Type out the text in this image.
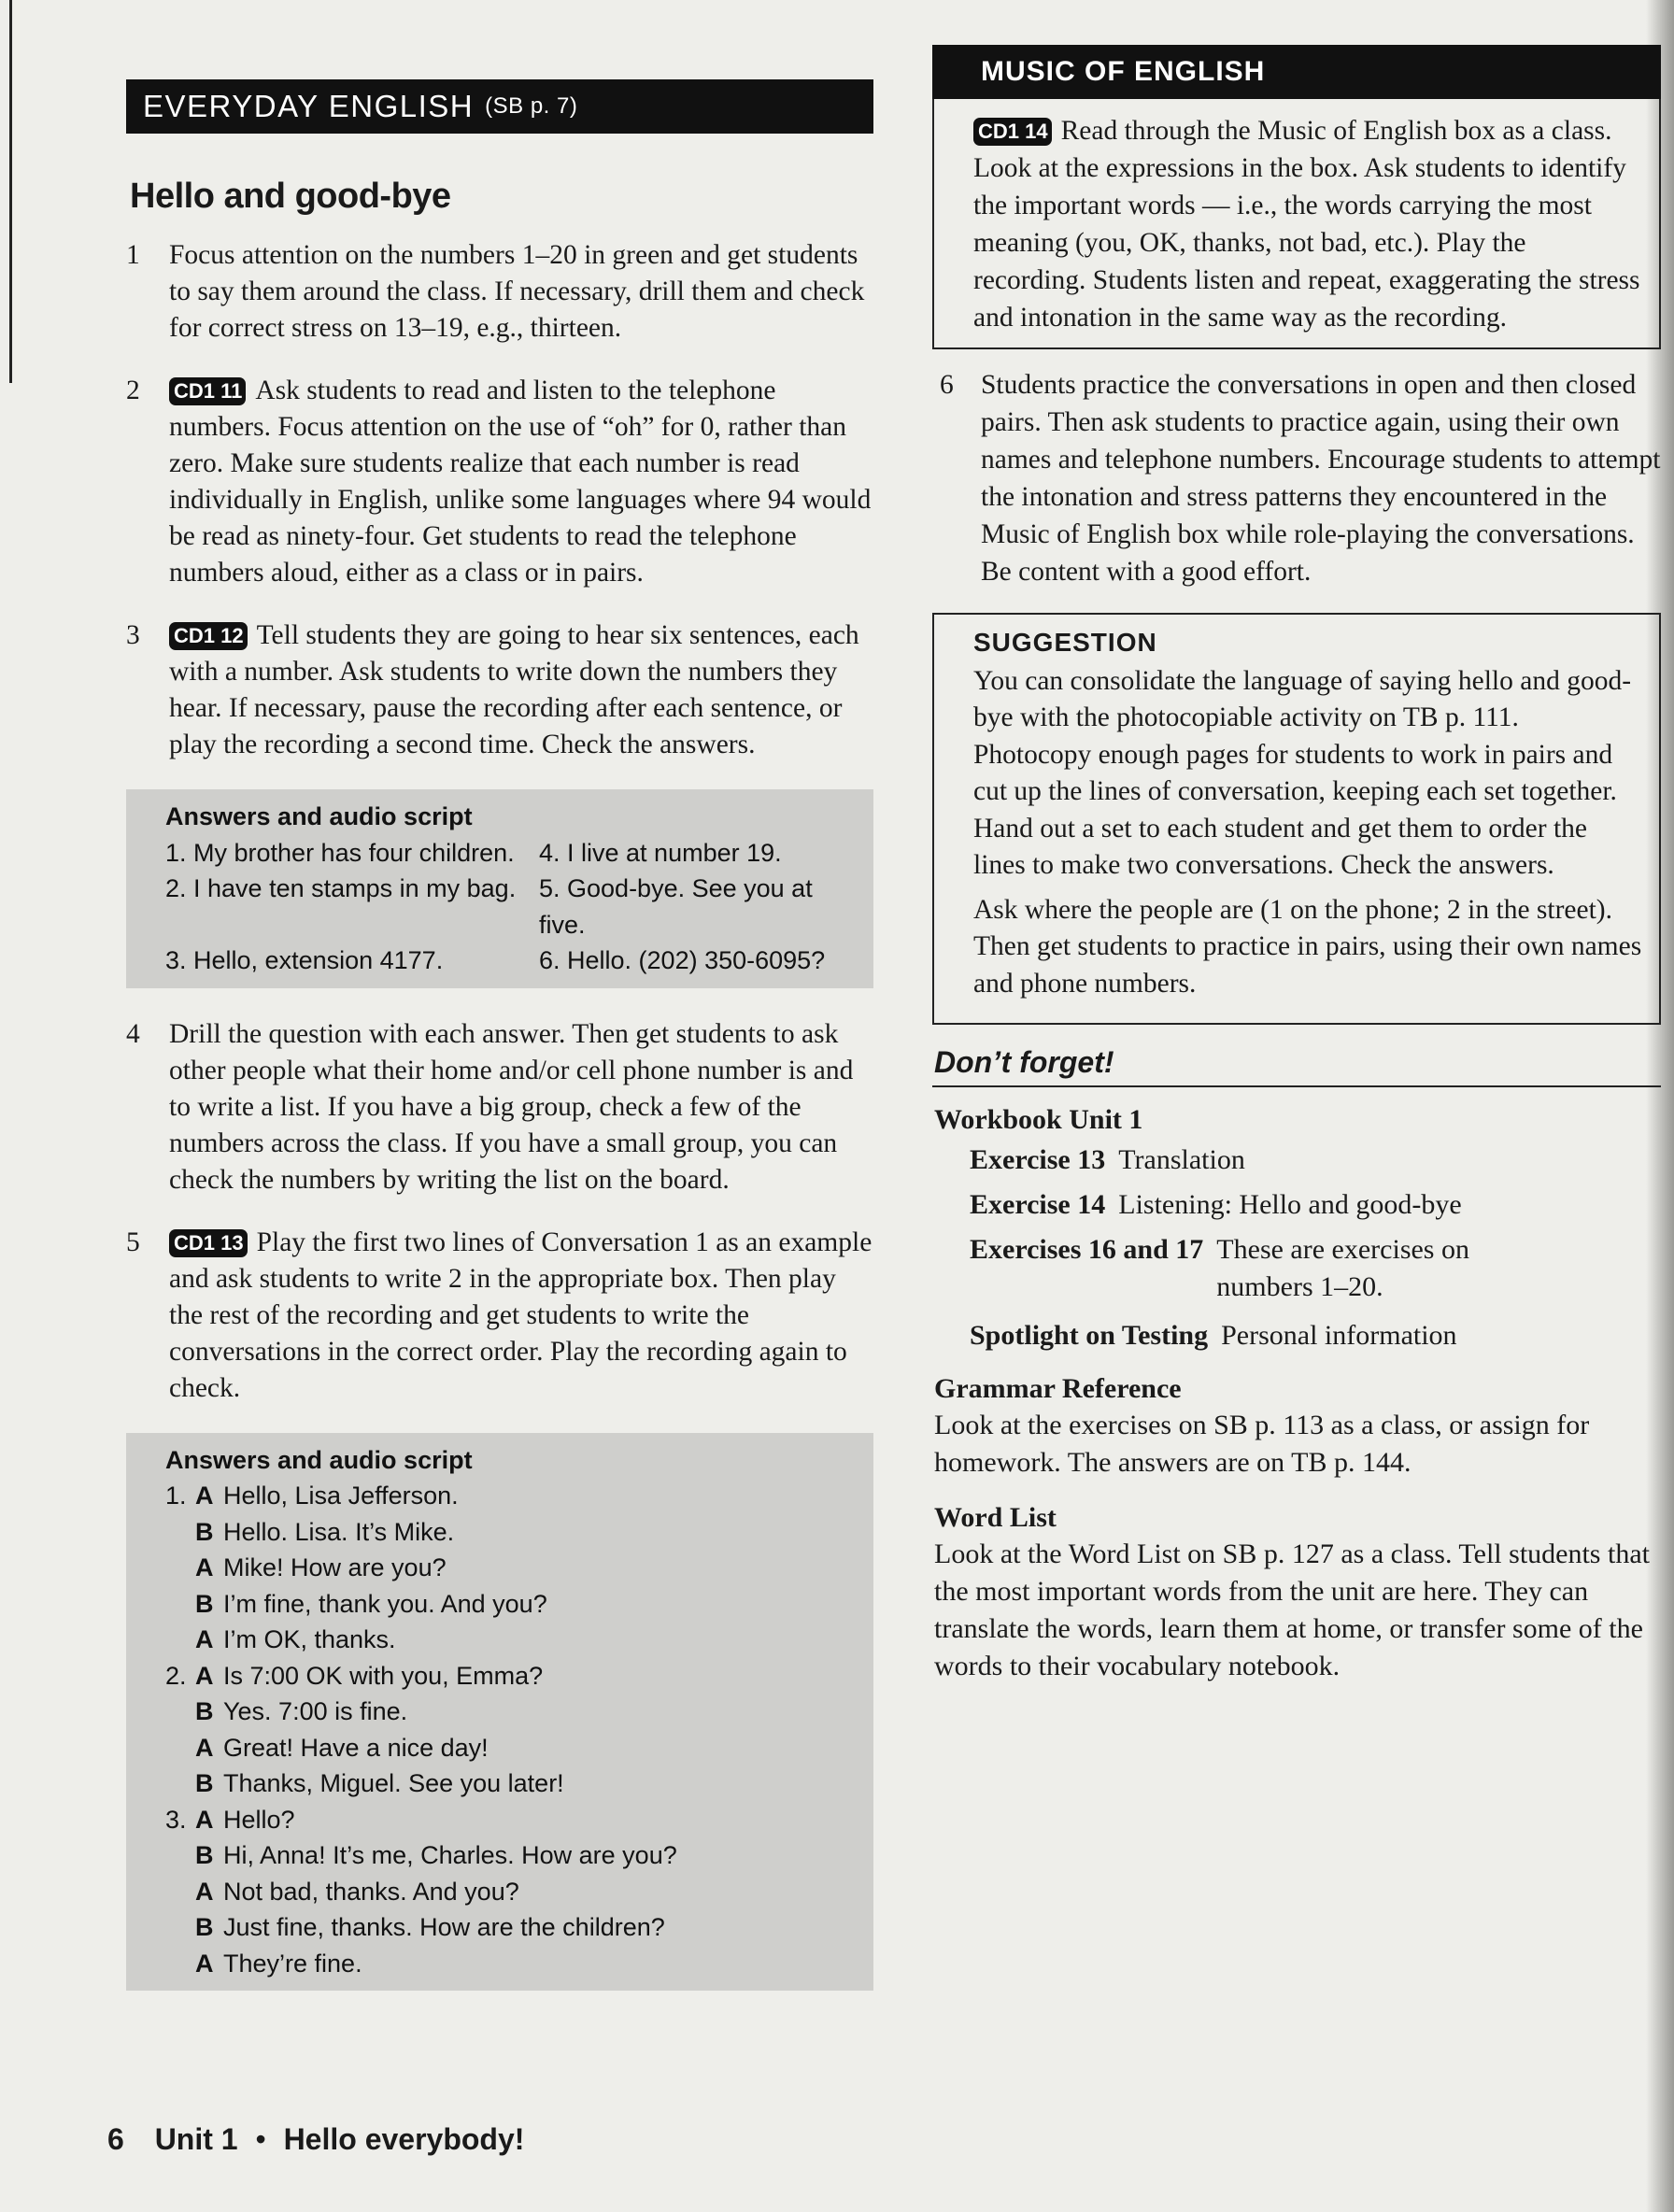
EVERYDAY ENGLISH (SB p. 7)
Hello and good-bye
1	Focus attention on the numbers 1–20 in green and get students to say them around the class. If necessary, drill them and check for correct stress on 13–19, e.g., thirteen.
2	CD1 11 Ask students to read and listen to the telephone numbers. Focus attention on the use of “oh” for 0, rather than zero. Make sure students realize that each number is read individually in English, unlike some languages where 94 would be read as ninety-four. Get students to read the telephone numbers aloud, either as a class or in pairs.
3	CD1 12 Tell students they are going to hear six sentences, each with a number. Ask students to write down the numbers they hear. If necessary, pause the recording after each sentence, or play the recording a second time. Check the answers.
Answers and audio script
1. My brother has four children. 4. I live at number 19.
2. I have ten stamps in my bag. 5. Good-bye. See you at five.
3. Hello, extension 4177.	6. Hello. (202) 350-6095?
4	Drill the question with each answer. Then get students to ask other people what their home and/or cell phone number is and to write a list. If you have a big group, check a few of the numbers across the class. If you have a small group, you can check the numbers by writing the list on the board.
5	CD1 13 Play the first two lines of Conversation 1 as an example and ask students to write 2 in the appropriate box. Then play the rest of the recording and get students to write the conversations in the correct order. Play the recording again to check.
Answers and audio script
1. A Hello, Lisa Jefferson.
B Hello. Lisa. It’s Mike.
A Mike! How are you?
B I’m fine, thank you. And you?
A I’m OK, thanks.
2. A Is 7:00 OK with you, Emma?
B Yes. 7:00 is fine.
A Great! Have a nice day!
B Thanks, Miguel. See you later!
3. A Hello?
B Hi, Anna! It’s me, Charles. How are you?
A Not bad, thanks. And you?
B Just fine, thanks. How are the children?
A They’re fine.
MUSIC OF ENGLISH
CD1 14 Read through the Music of English box as a class. Look at the expressions in the box. Ask students to identify the important words — i.e., the words carrying the most meaning (you, OK, thanks, not bad, etc.). Play the recording. Students listen and repeat, exaggerating the stress and intonation in the same way as the recording.
6 Students practice the conversations in open and then closed pairs. Then ask students to practice again, using their own names and telephone numbers. Encourage students to attempt the intonation and stress patterns they encountered in the Music of English box while role-playing the conversations. Be content with a good effort.
SUGGESTION

You can consolidate the language of saying hello and good-bye with the photocopiable activity on TB p. 111. Photocopy enough pages for students to work in pairs and cut up the lines of conversation, keeping each set together. Hand out a set to each student and get them to order the lines to make two conversations. Check the answers.

Ask where the people are (1 on the phone; 2 in the street). Then get students to practice in pairs, using their own names and phone numbers.

Don’t forget!
Workbook Unit 1
Exercise 13 Translation
Exercise 14 Listening: Hello and good-bye
Exercises 16 and 17 These are exercises on numbers 1–20.
Spotlight on Testing Personal information
Grammar Reference
Look at the exercises on SB p. 113 as a class, or assign for homework. The answers are on TB p. 144.
Word List
Look at the Word List on SB p. 127 as a class. Tell students that the most important words from the unit are here. They can translate the words, learn them at home, or transfer some of the words to their vocabulary notebook.
6 Unit 1 • Hello everybody!
